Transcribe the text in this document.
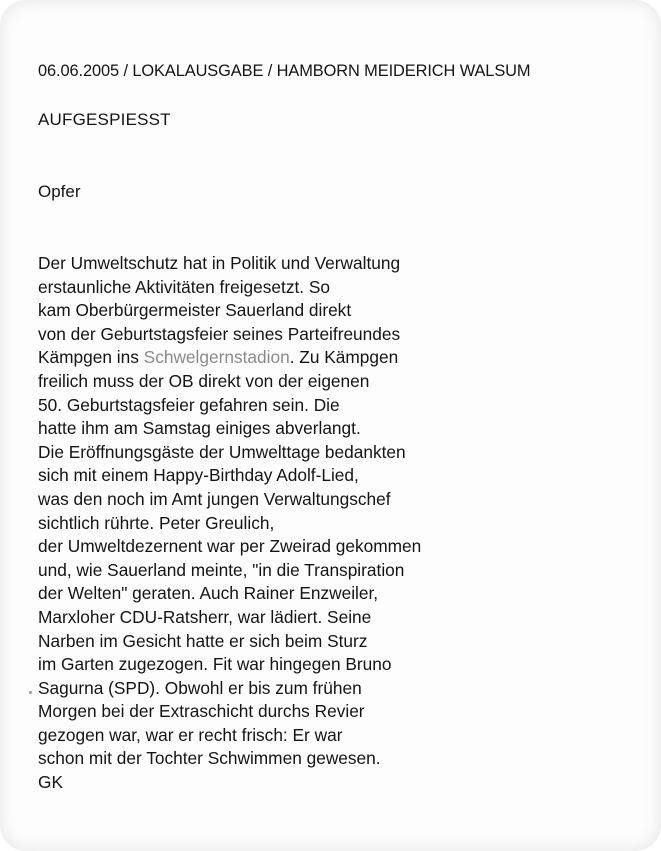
06.06.2005 / LOKALAUSGABE / HAMBORN MEIDERICH WALSUM
AUFGESPIESST
Opfer
Der Umweltschutz hat in Politik und Verwaltung
erstaunliche Aktivitäten freigesetzt. So
kam Oberbürgermeister Sauerland direkt
von der Geburtstagsfeier seines Parteifreundes
Kämpgen ins Schwelgernstadion. Zu Kämpgen
freilich muss der OB direkt von der eigenen
50. Geburtstagsfeier gefahren sein. Die
hatte ihm am Samstag einiges abverlangt.
Die Eröffnungsgäste der Umwelttage bedankten
sich mit einem Happy-Birthday Adolf-Lied,
was den noch im Amt jungen Verwaltungschef
sichtlich rührte. Peter Greulich,
der Umweltdezernent war per Zweirad gekommen
und, wie Sauerland meinte, "in die Transpiration
der Welten" geraten. Auch Rainer Enzweiler,
Marxloher CDU-Ratsherr, war lädiert. Seine
Narben im Gesicht hatte er sich beim Sturz
im Garten zugezogen. Fit war hingegen Bruno
Sagurna (SPD). Obwohl er bis zum frühen
Morgen bei der Extraschicht durchs Revier
gezogen war, war er recht frisch: Er war
schon mit der Tochter Schwimmen gewesen.
GK
